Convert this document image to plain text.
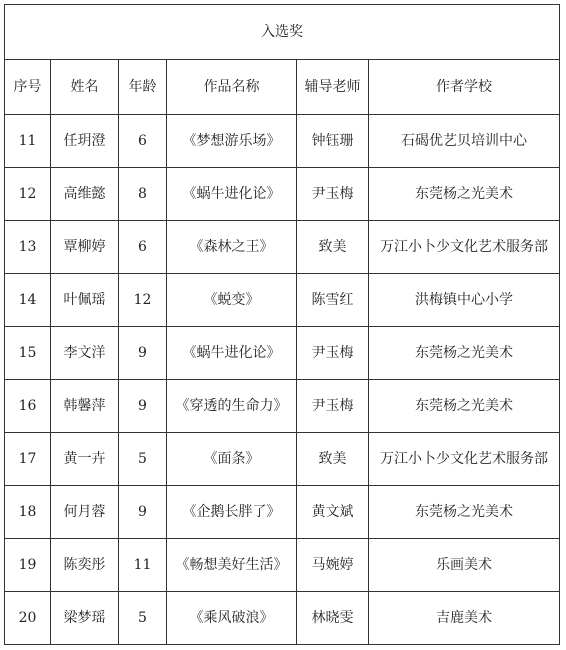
入选奖					
序号	姓名	年龄	作品名称	辅导老师	作者学校
11	任玥澄	6	《梦想游乐场》	钟钰珊	石碣优艺贝培训中心
12	高维懿	8	《蜗牛进化论》	尹玉梅	东莞杨之光美术
13	覃柳婷	6	《森林之王》	致美	万江小卜少文化艺术服务部
14	叶佩瑶	12	《蜕变》	陈雪红	洪梅镇中心小学
15	李文洋	9	《蜗牛进化论》	尹玉梅	东莞杨之光美术
16	韩馨萍	9	《穿透的生命力》	尹玉梅	东莞杨之光美术
17	黄一卉	5	《面条》	致美	万江小卜少文化艺术服务部
18	何月蓉	9	《企鹅长胖了》	黄文斌	东莞杨之光美术
19	陈奕彤	11	《畅想美好生活》	马婉婷	乐画美术
20	梁梦瑶	5	《乘风破浪》	林晓雯	吉鹿美术
